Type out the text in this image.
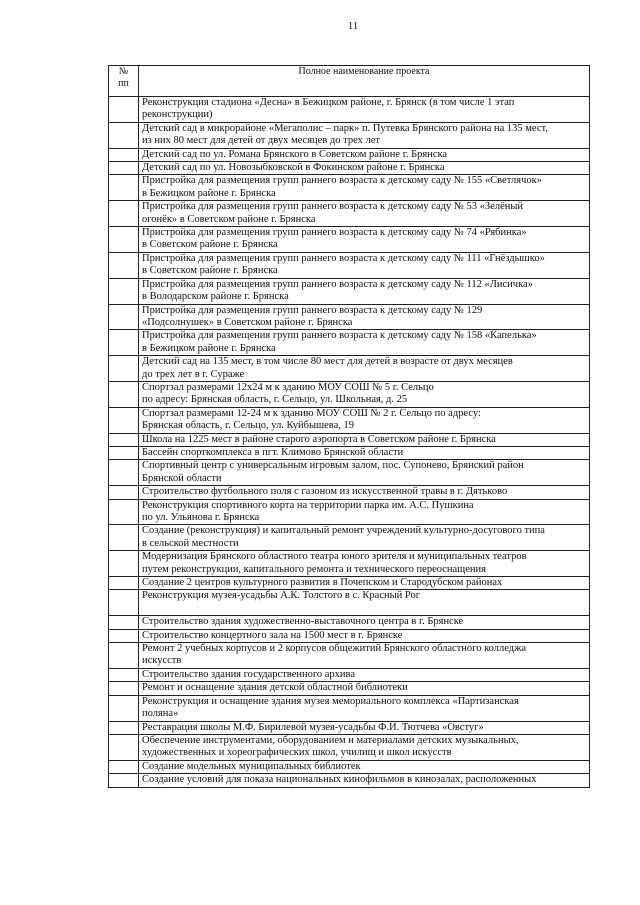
11
№
пп	Полное наименование проекта

	Реконструкция стадиона «Десна» в Бежицком районе, г. Брянск (в том числе 1 этап
реконструкции)

	Детский сад в микрорайоне «Мегаполис – парк» п. Путевка Брянского района на 135 мест,
из них 80 мест для детей от двух месяцев до трех лет

	Детский сад по ул. Романа Брянского в Советском районе г. Брянска

	Детский сад по ул. Новозыбковской в Фокинском районе г. Брянска

	Пристройка для размещения групп раннего возраста к детскому саду № 155 «Светлячок»
в Бежицком районе г. Брянска

	Пристройка для размещения групп раннего возраста к детскому саду № 53 «Зелёный
огонёк» в Советском районе г. Брянска

	Пристройка для размещения групп раннего возраста к детскому саду № 74 «Рябинка»
в Советском районе г. Брянска

	Пристройка для размещения групп раннего возраста к детскому саду № 111 «Гнёздышко»
в Советском районе г. Брянска

	Пристройка для размещения групп раннего возраста к детскому саду № 112 «Лисичка»
в Володарском районе г. Брянска

	Пристройка для размещения групп раннего возраста к детскому саду № 129
«Подсолнушек» в Советском районе г. Брянска

	Пристройка для размещения групп раннего возраста к детскому саду № 158 «Капелька»
в Бежицком районе г. Брянска

	Детский сад на 135 мест, в том числе 80 мест для детей в возрасте от двух месяцев
до трех лет в г. Сураже

	Спортзал размерами 12х24 м к зданию МОУ СОШ № 5 г. Сельцо
по адресу: Брянская область, г. Сельцо, ул. Школьная, д. 25

	Спортзал размерами 12-24 м к зданию МОУ СОШ № 2 г. Сельцо по адресу:
Брянская область, г. Сельцо, ул. Куйбышева, 19

	Школа на 1225 мест в районе старого аэропорта в Советском районе г. Брянска

	Бассейн спорткомплекса в пгт. Климово Брянской области

	Спортивный центр с универсальным игровым залом, пос. Супонево, Брянский район
Брянской области

	Строительство футбольного поля с газоном из искусственной травы в г. Дятьково

	Реконструкция спортивного корта на территории парка им. А.С. Пушкина
по ул. Ульянова г. Брянска

	Создание (реконструкция) и капитальный ремонт учреждений культурно-досугового типа
в сельской местности

	Модернизация Брянского областного театра юного зрителя и муниципальных театров
путем реконструкции, капитального ремонта и технического переоснащения

	Создание 2 центров культурного развития в Почепском и Стародубском районах

	Реконструкция музея-усадьбы А.К. Толстого в с. Красный Рог

	Строительство здания художественно-выставочного центра в г. Брянске

	Строительство концертного зала на 1500 мест в г. Брянске

	Ремонт 2 учебных корпусов и 2 корпусов общежитий Брянского областного колледжа
искусств

	Строительство здания государственного архива

	Ремонт и оснащение здания детской областной библиотеки

	Реконструкция и оснащение здания музея мемориального комплекса «Партизанская
поляна»

	Реставрация школы М.Ф. Бирилевой музея-усадьбы Ф.И. Тютчева «Овстуг»

	Обеспечение инструментами, оборудованием и материалами детских музыкальных,
художественных и хореографических школ, училищ и школ искусств

	Создание модельных муниципальных библиотек

	Создание условий для показа национальных кинофильмов в кинозалах, расположенных
